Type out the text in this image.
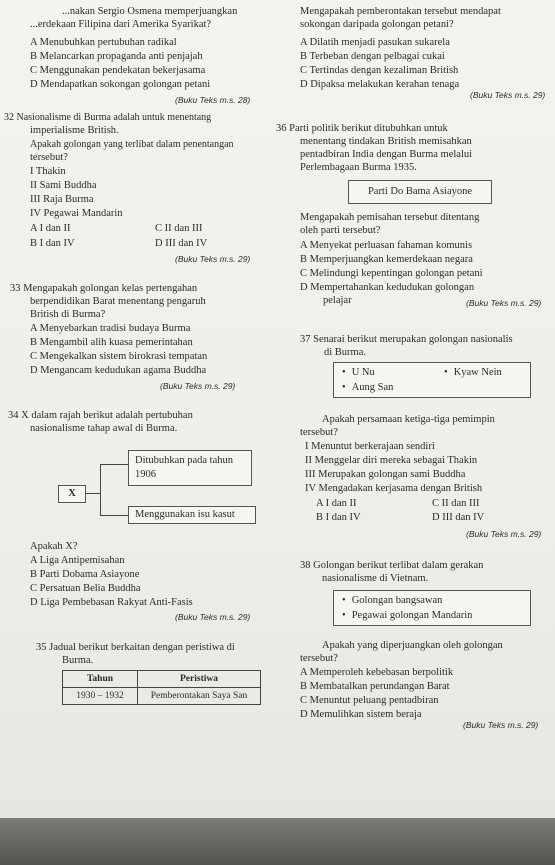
...nakan Sergio Osmena memperjuangkan
...erdekaan Filipina dari Amerika Syarikat?
A Menubuhkan pertubuhan radikal
B Melancarkan propaganda anti penjajah
C Menggunakan pendekatan bekerjasama
D Mendapatkan sokongan golongan petani
(Buku Teks m.s. 28)
32 Nasionalisme di Burma adalah untuk menentang
imperialisme British.
Apakah golongan yang terlibat dalam penentangan
tersebut?
I Thakin
II Sami Buddha
III Raja Burma
IV Pegawai Mandarin
A I dan II	C II dan III
B I dan IV	D III dan IV
(Buku Teks m.s. 29)
33 Mengapakah golongan kelas pertengahan
berpendidikan Barat menentang pengaruh
British di Burma?
A Menyebarkan tradisi budaya Burma
B Mengambil alih kuasa pemerintahan
C Mengekalkan sistem birokrasi tempatan
D Mengancam kedudukan agama Buddha
(Buku Teks m.s. 29)
34 X dalam rajah berikut adalah pertubuhan
nasionalisme tahap awal di Burma.
Ditubuhkan pada tahun
1906
X
Menggunakan isu kasut
Apakah X?
A Liga Antipemisahan
B Parti Dobama Asiayone
C Persatuan Belia Buddha
D Liga Pembebasan Rakyat Anti-Fasis
(Buku Teks m.s. 29)
35 Jadual berikut berkaitan dengan peristiwa di
Burma.
Tahun	Peristiwa
1930 – 1932	Pemberontakan Saya San
Mengapakah pemberontakan tersebut mendapat
sokongan daripada golongan petani?
A Dilatih menjadi pasukan sukarela
B Terbeban dengan pelbagai cukai
C Tertindas dengan kezaliman British
D Dipaksa melakukan kerahan tenaga
(Buku Teks m.s. 29)
36 Parti politik berikut ditubuhkan untuk
menentang tindakan British memisahkan
pentadbiran India dengan Burma melalui
Perlembagaan Burma 1935.
Parti Do Bama Asiayone
Mengapakah pemisahan tersebut ditentang
oleh parti tersebut?
A Menyekat perluasan fahaman komunis
B Memperjuangkan kemerdekaan negara
C Melindungi kepentingan golongan petani
D Mempertahankan kedudukan golongan
pelajar	(Buku Teks m.s. 29)
37 Senarai berikut merupakan golongan nasionalis
di Burma.
• U Nu	• Kyaw Nein
• Aung San
Apakah persamaan ketiga-tiga pemimpin
tersebut?
I Menuntut berkerajaan sendiri
II Menggelar diri mereka sebagai Thakin
III Merupakan golongan sami Buddha
IV Mengadakan kerjasama dengan British
A I dan II	C II dan III
B I dan IV	D III dan IV
(Buku Teks m.s. 29)
38 Golongan berikut terlibat dalam gerakan
nasionalisme di Vietnam.
• Golongan bangsawan
• Pegawai golongan Mandarin
Apakah yang diperjuangkan oleh golongan
tersebut?
A Memperoleh kebebasan berpolitik
B Membatalkan perundangan Barat
C Menuntut peluang pentadbiran
D Memulihkan sistem beraja
(Buku Teks m.s. 29)
